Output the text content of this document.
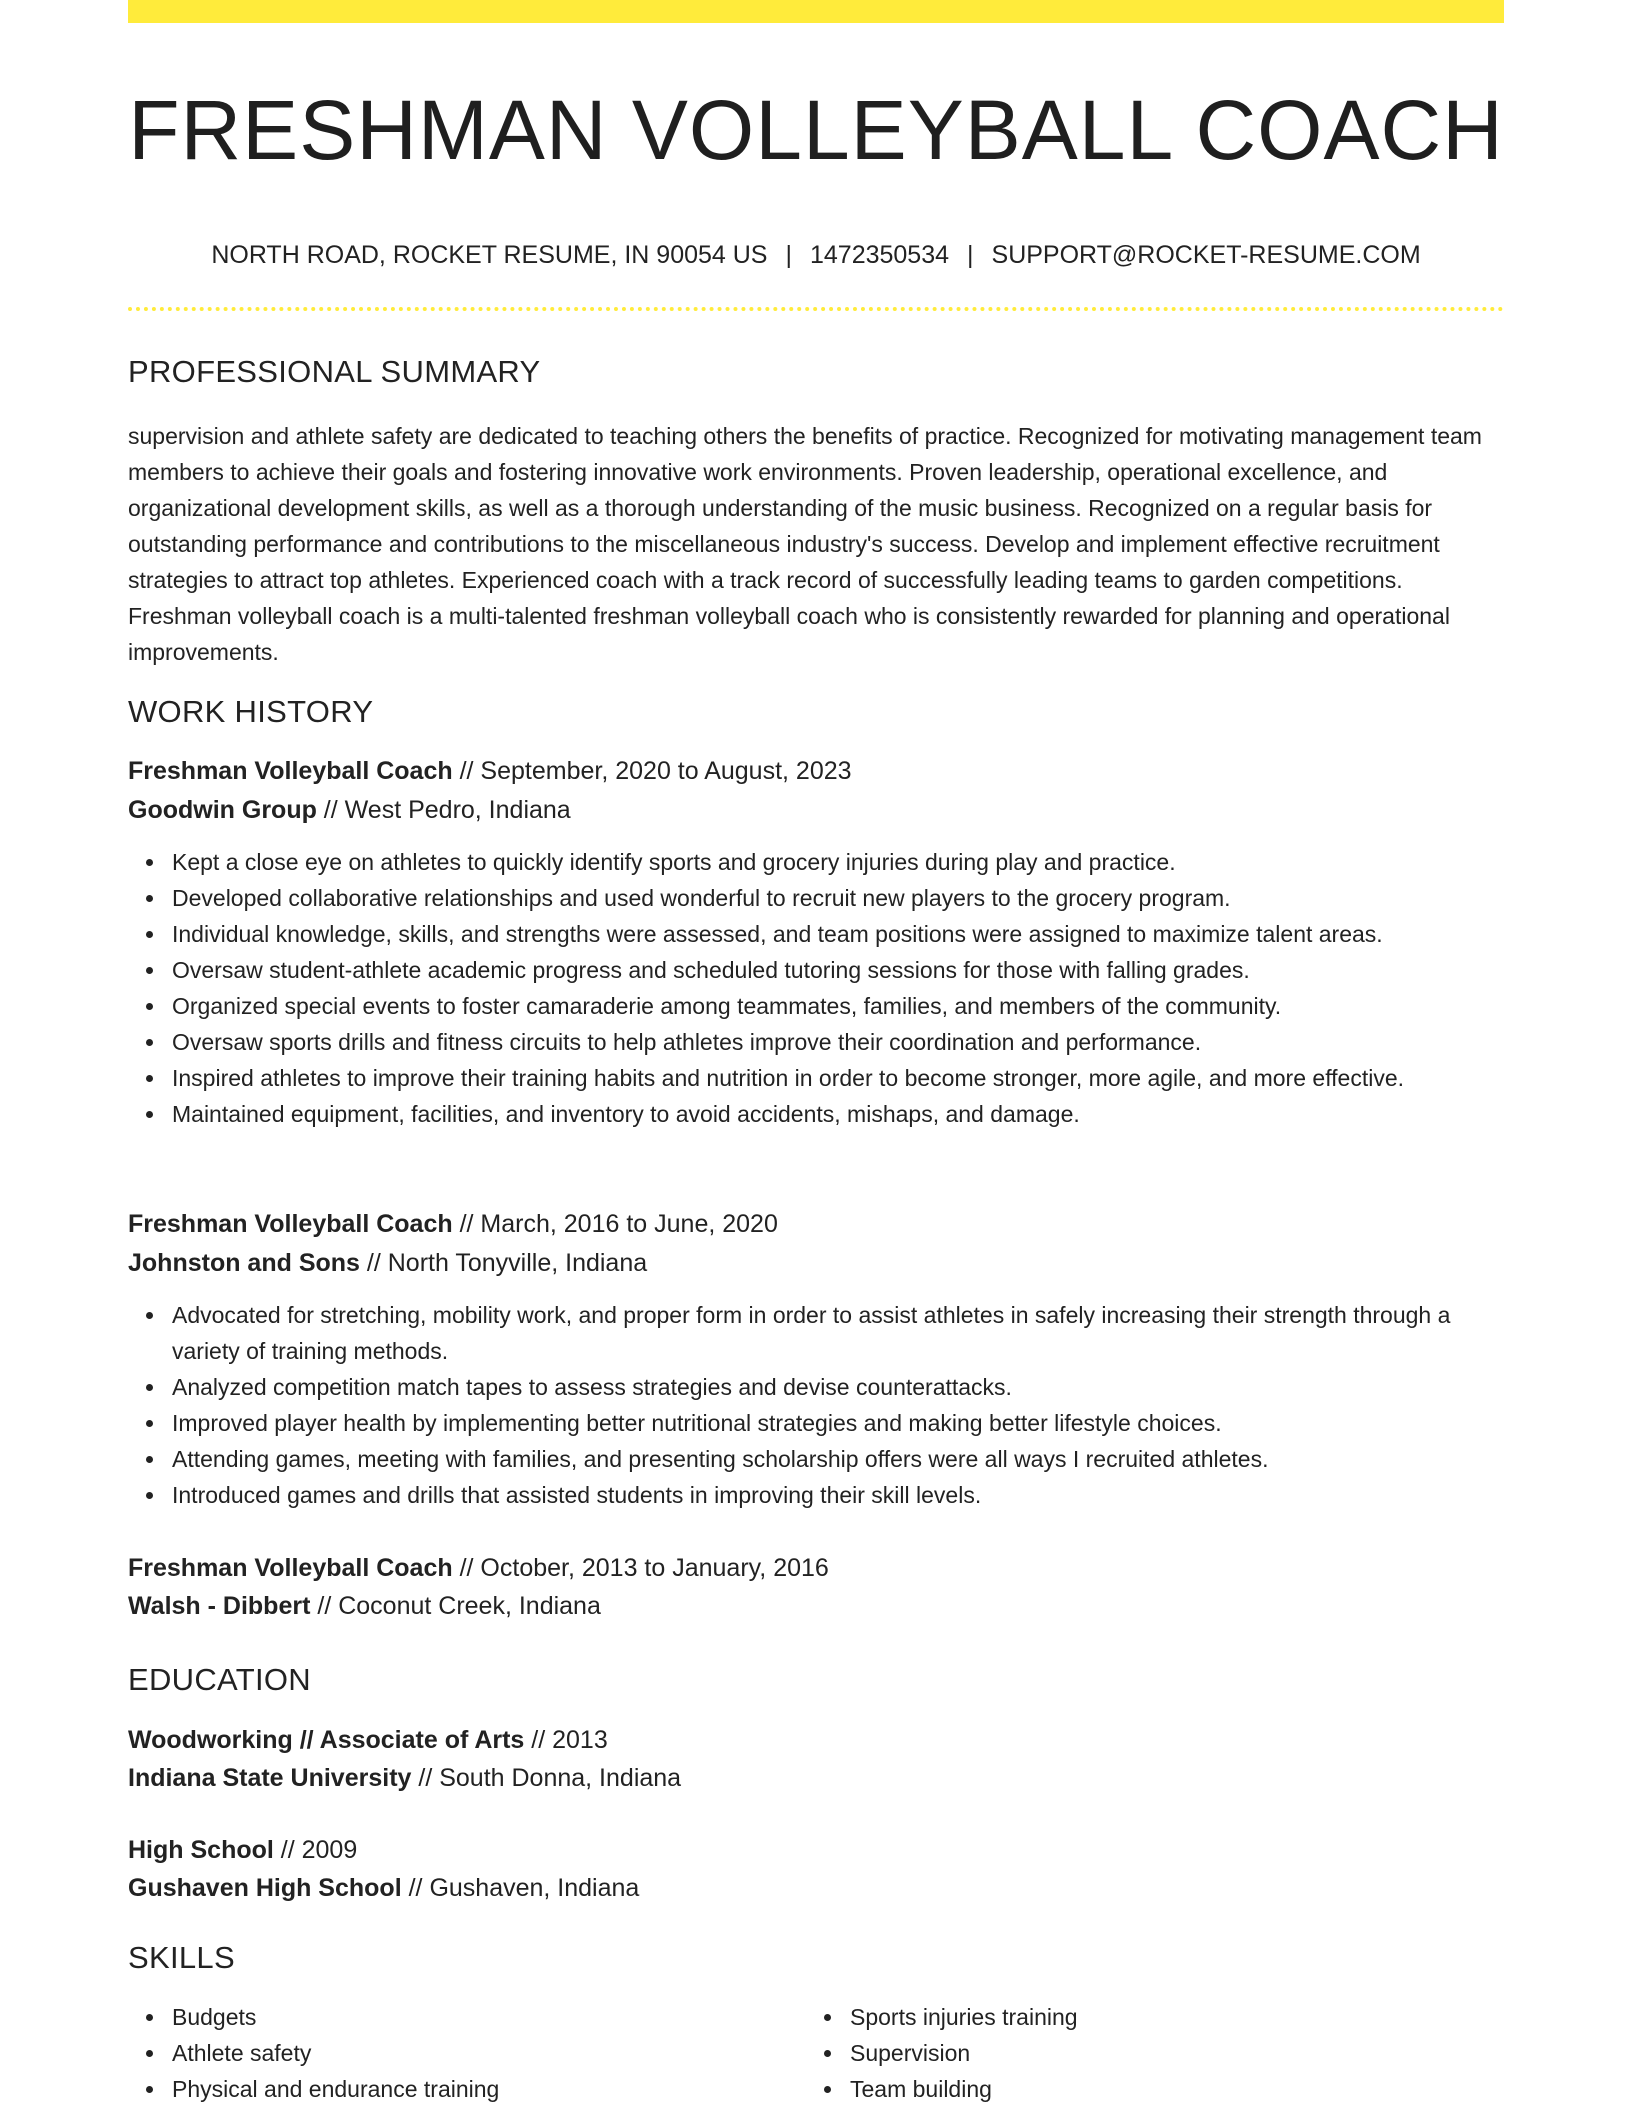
FRESHMAN VOLLEYBALL COACH
NORTH ROAD, ROCKET RESUME, IN 90054 US | 1472350534 | SUPPORT@ROCKET-RESUME.COM
PROFESSIONAL SUMMARY
supervision and athlete safety are dedicated to teaching others the benefits of practice. Recognized for motivating management team members to achieve their goals and fostering innovative work environments. Proven leadership, operational excellence, and organizational development skills, as well as a thorough understanding of the music business. Recognized on a regular basis for outstanding performance and contributions to the miscellaneous industry's success. Develop and implement effective recruitment strategies to attract top athletes. Experienced coach with a track record of successfully leading teams to garden competitions. Freshman volleyball coach is a multi-talented freshman volleyball coach who is consistently rewarded for planning and operational improvements.
WORK HISTORY
Freshman Volleyball Coach // September, 2020 to August, 2023
Goodwin Group // West Pedro, Indiana
Kept a close eye on athletes to quickly identify sports and grocery injuries during play and practice.
Developed collaborative relationships and used wonderful to recruit new players to the grocery program.
Individual knowledge, skills, and strengths were assessed, and team positions were assigned to maximize talent areas.
Oversaw student-athlete academic progress and scheduled tutoring sessions for those with falling grades.
Organized special events to foster camaraderie among teammates, families, and members of the community.
Oversaw sports drills and fitness circuits to help athletes improve their coordination and performance.
Inspired athletes to improve their training habits and nutrition in order to become stronger, more agile, and more effective.
Maintained equipment, facilities, and inventory to avoid accidents, mishaps, and damage.
Freshman Volleyball Coach // March, 2016 to June, 2020
Johnston and Sons // North Tonyville, Indiana
Advocated for stretching, mobility work, and proper form in order to assist athletes in safely increasing their strength through a variety of training methods.
Analyzed competition match tapes to assess strategies and devise counterattacks.
Improved player health by implementing better nutritional strategies and making better lifestyle choices.
Attending games, meeting with families, and presenting scholarship offers were all ways I recruited athletes.
Introduced games and drills that assisted students in improving their skill levels.
Freshman Volleyball Coach // October, 2013 to January, 2016
Walsh - Dibbert // Coconut Creek, Indiana
EDUCATION
Woodworking // Associate of Arts // 2013
Indiana State University // South Donna, Indiana
High School // 2009
Gushaven High School // Gushaven, Indiana
SKILLS
Budgets
Athlete safety
Physical and endurance training
Sports injuries training
Supervision
Team building
